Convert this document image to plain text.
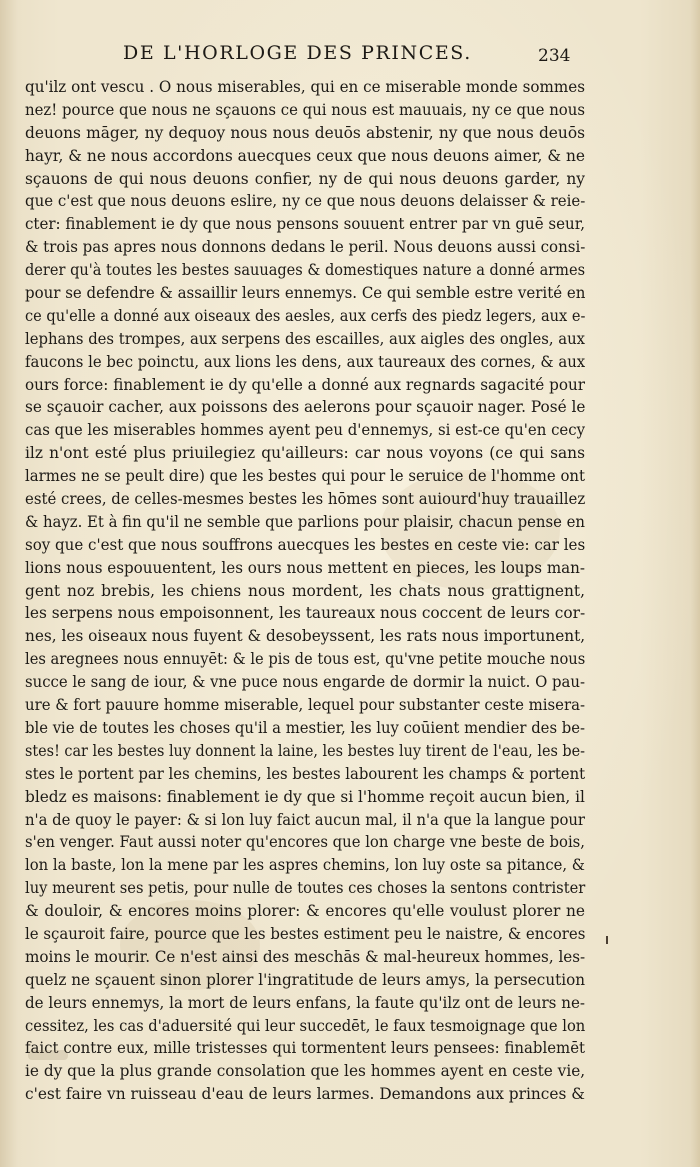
DE L'HORLOGE DES PRINCES.	234
qu'ilz ont vescu . O nous miserables, qui en ce miserable monde sommes
nez! pource que nous ne sçauons ce qui nous est mauuais, ny ce que nous
deuons māger, ny dequoy nous nous deuōs abstenir, ny que nous deuōs
hayr, & ne nous accordons auecques ceux que nous deuons aimer, & ne
sçauons de qui nous deuons confier, ny de qui nous deuons garder, ny
que c'est que nous deuons eslire, ny ce que nous deuons delaisser & reie-
cter: finablement ie dy que nous pensons souuent entrer par vn guē seur,
& trois pas apres nous donnons dedans le peril. Nous deuons aussi consi-
derer qu'à toutes les bestes sauuages & domestiques nature a donné armes
pour se defendre & assaillir leurs ennemys. Ce qui semble estre verité en
ce qu'elle a donné aux oiseaux des aesles, aux cerfs des piedz legers, aux e-
lephans des trompes, aux serpens des escailles, aux aigles des ongles, aux
faucons le bec poinctu, aux lions les dens, aux taureaux des cornes, & aux
ours force: finablement ie dy qu'elle a donné aux regnards sagacité pour
se sçauoir cacher, aux poissons des aelerons pour sçauoir nager. Posé le
cas que les miserables hommes ayent peu d'ennemys, si est-ce qu'en cecy
ilz n'ont esté plus priuilegiez qu'ailleurs: car nous voyons (ce qui sans
larmes ne se peult dire) que les bestes qui pour le seruice de l'homme ont
esté crees, de celles-mesmes bestes les hōmes sont auiourd'huy trauaillez
& hayz. Et à fin qu'il ne semble que parlions pour plaisir, chacun pense en
soy que c'est que nous souffrons auecques les bestes en ceste vie: car les
lions nous espouuentent, les ours nous mettent en pieces, les loups man-
gent noz brebis, les chiens nous mordent, les chats nous grattignent,
les serpens nous empoisonnent, les taureaux nous coccent de leurs cor-
nes, les oiseaux nous fuyent & desobeyssent, les rats nous importunent,
les aregnees nous ennuyēt: & le pis de tous est, qu'vne petite mouche nous
succe le sang de iour, & vne puce nous engarde de dormir la nuict. O pau-
ure & fort pauure homme miserable, lequel pour substanter ceste misera-
ble vie de toutes les choses qu'il a mestier, les luy coūient mendier des be-
stes! car les bestes luy donnent la laine, les bestes luy tirent de l'eau, les be-
stes le portent par les chemins, les bestes labourent les champs & portent
bledz es maisons: finablement ie dy que si l'homme reçoit aucun bien, il
n'a de quoy le payer: & si lon luy faict aucun mal, il n'a que la langue pour
s'en venger. Faut aussi noter qu'encores que lon charge vne beste de bois,
lon la baste, lon la mene par les aspres chemins, lon luy oste sa pitance, &
luy meurent ses petis, pour nulle de toutes ces choses la sentons contrister
& douloir, & encores moins plorer: & encores qu'elle voulust plorer ne
le sçauroit faire, pource que les bestes estiment peu le naistre, & encores
moins le mourir. Ce n'est ainsi des meschās & mal-heureux hommes, les-
quelz ne sçauent sinon plorer l'ingratitude de leurs amys, la persecution
de leurs ennemys, la mort de leurs enfans, la faute qu'ilz ont de leurs ne-
cessitez, les cas d'aduersité qui leur succedēt, le faux tesmoignage que lon
faict contre eux, mille tristesses qui tormentent leurs pensees: finablemēt
ie dy que la plus grande consolation que les hommes ayent en ceste vie,
c'est faire vn ruisseau d'eau de leurs larmes. Demandons aux princes &
